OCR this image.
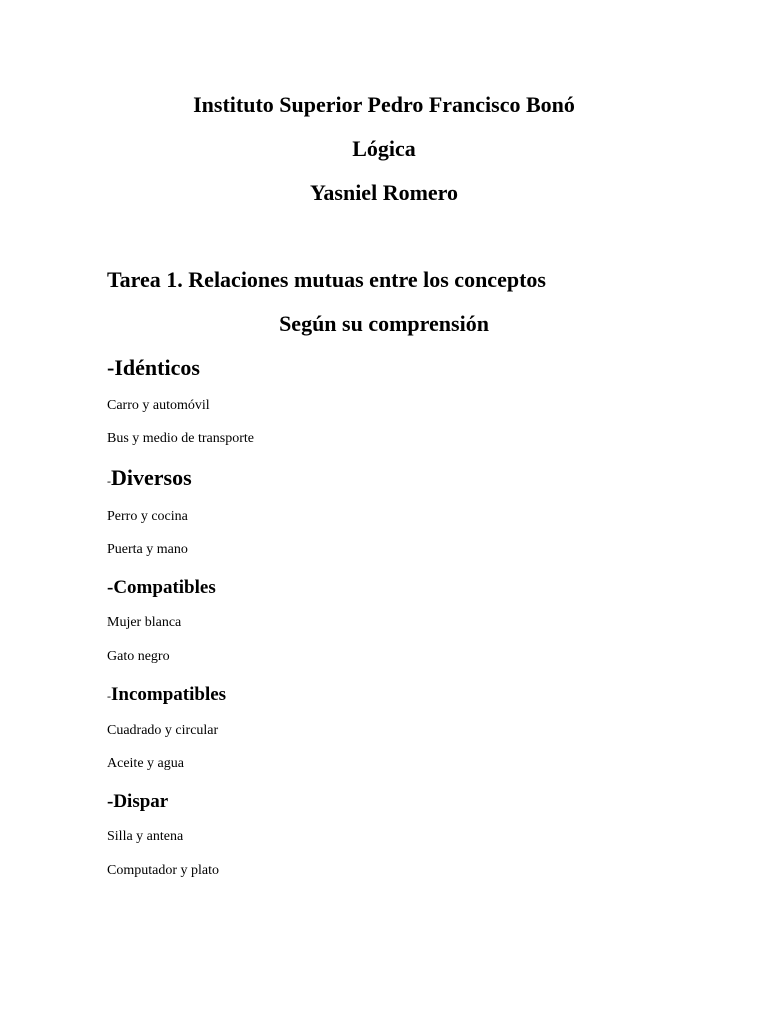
Instituto Superior Pedro Francisco Bonó
Lógica
Yasniel Romero
Tarea 1. Relaciones mutuas entre los conceptos
Según su comprensión
-Idénticos
Carro y automóvil
Bus y medio de transporte
-Diversos
Perro y cocina
Puerta y mano
-Compatibles
Mujer blanca
Gato negro
-Incompatibles
Cuadrado y circular
Aceite y agua
-Dispar
Silla y antena
Computador y plato
